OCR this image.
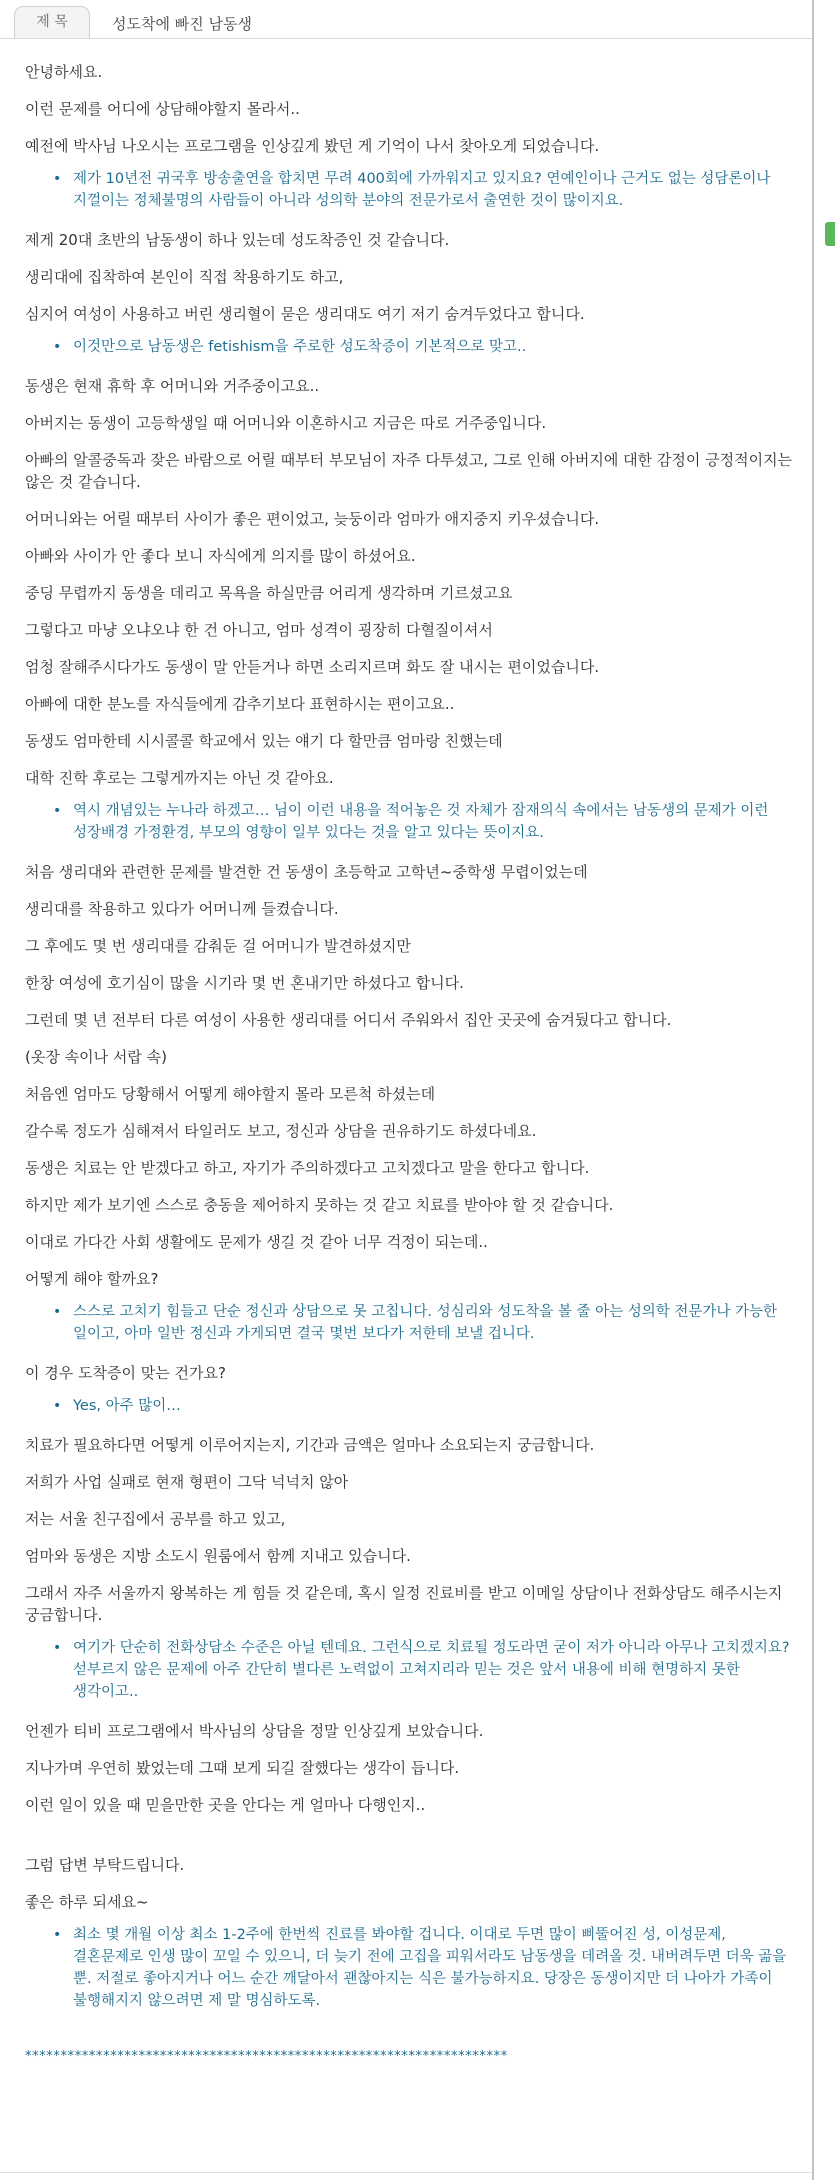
제 목	성도착에 빠진 남동생

안녕하세요.

이런 문제를 어디에 상담해야할지 몰라서..

예전에 박사님 나오시는 프로그램을 인상깊게 봤던 게 기억이 나서 찾아오게 되었습니다.

• 제가 10년전 귀국후 방송출연을 합치면 무려 400회에 가까워지고 있지요? 연예인이나 근거도 없는 성담론이나 지껄이는 정체불명의 사람들이 아니라 성의학 분야의 전문가로서 출연한 것이 많이지요.

제게 20대 초반의 남동생이 하나 있는데 성도착증인 것 같습니다.

생리대에 집착하여 본인이 직접 착용하기도 하고,

심지어 여성이 사용하고 버린 생리혈이 묻은 생리대도 여기 저기 숨겨두었다고 합니다.

• 이것만으로 남동생은 fetishism을 주로한 성도착증이 기본적으로 맞고..

동생은 현재 휴학 후 어머니와 거주중이고요..

아버지는 동생이 고등학생일 때 어머니와 이혼하시고 지금은 따로 거주중입니다.

아빠의 알콜중독과 잦은 바람으로 어릴 때부터 부모님이 자주 다투셨고, 그로 인해 아버지에 대한 감정이 긍정적이지는 않은 것 같습니다.

어머니와는 어릴 때부터 사이가 좋은 편이었고, 늦둥이라 엄마가 애지중지 키우셨습니다.

아빠와 사이가 안 좋다 보니 자식에게 의지를 많이 하셨어요.

중딩 무렵까지 동생을 데리고 목욕을 하실만큼 어리게 생각하며 기르셨고요

그렇다고 마냥 오냐오냐 한 건 아니고, 엄마 성격이 굉장히 다혈질이셔서

엄청 잘해주시다가도 동생이 말 안듣거나 하면 소리지르며 화도 잘 내시는 편이었습니다.

아빠에 대한 분노를 자식들에게 감추기보다 표현하시는 편이고요..

동생도 엄마한테 시시콜콜 학교에서 있는 얘기 다 할만큼 엄마랑 친했는데

대학 진학 후로는 그렇게까지는 아닌 것 같아요.

• 역시 개념있는 누나라 하겠고… 님이 이런 내용을 적어놓은 것 자체가 잠재의식 속에서는 남동생의 문제가 이런 성장배경 가정환경, 부모의 영향이 일부 있다는 것을 알고 있다는 뜻이지요.

처음 생리대와 관련한 문제를 발견한 건 동생이 초등학교 고학년~중학생 무렵이었는데

생리대를 착용하고 있다가 어머니께 들켰습니다.

그 후에도 몇 번 생리대를 감춰둔 걸 어머니가 발견하셨지만

한창 여성에 호기심이 많을 시기라 몇 번 혼내기만 하셨다고 합니다.

그런데 몇 년 전부터 다른 여성이 사용한 생리대를 어디서 주워와서 집안 곳곳에 숨겨뒀다고 합니다.

(옷장 속이나 서랍 속)

처음엔 엄마도 당황해서 어떻게 해야할지 몰라 모른척 하셨는데

갈수록 정도가 심해져서 타일러도 보고, 정신과 상담을 권유하기도 하셨다네요.

동생은 치료는 안 받겠다고 하고, 자기가 주의하겠다고 고치겠다고 말을 한다고 합니다.

하지만 제가 보기엔 스스로 충동을 제어하지 못하는 것 같고 치료를 받아야 할 것 같습니다.

이대로 가다간 사회 생활에도 문제가 생길 것 같아 너무 걱정이 되는데..

어떻게 해야 할까요?

• 스스로 고치기 힘들고 단순 정신과 상담으로 못 고칩니다. 성심리와 성도착을 볼 줄 아는 성의학 전문가나 가능한 일이고, 아마 일반 정신과 가게되면 결국 몇번 보다가 저한테 보낼 겁니다.

이 경우 도착증이 맞는 건가요?

• Yes, 아주 많이…

치료가 필요하다면 어떻게 이루어지는지, 기간과 금액은 얼마나 소요되는지 궁금합니다.

저희가 사업 실패로 현재 형편이 그닥 넉넉치 않아

저는 서울 친구집에서 공부를 하고 있고,

엄마와 동생은 지방 소도시 원룸에서 함께 지내고 있습니다.

그래서 자주 서울까지 왕복하는 게 힘들 것 같은데, 혹시 일정 진료비를 받고 이메일 상담이나 전화상담도 해주시는지 궁금합니다.

• 여기가 단순히 전화상담소 수준은 아닐 텐데요. 그런식으로 치료될 정도라면 굳이 저가 아니라 아무나 고치겠지요? 섣부르지 않은 문제에 아주 간단히 별다른 노력없이 고쳐지리라 믿는 것은 앞서 내용에 비해 현명하지 못한 생각이고..

언젠가 티비 프로그램에서 박사님의 상담을 정말 인상깊게 보았습니다.

지나가며 우연히 봤었는데 그때 보게 되길 잘했다는 생각이 듭니다.

이런 일이 있을 때 믿을만한 곳을 안다는 게 얼마나 다행인지..

그럼 답변 부탁드립니다.

좋은 하루 되세요~

• 최소 몇 개월 이상 최소 1-2주에 한번씩 진료를 봐야할 겁니다. 이대로 두면 많이 삐뚤어진 성, 이성문제, 결혼문제로 인생 많이 꼬일 수 있으니, 더 늦기 전에 고집을 피워서라도 남동생을 데려올 것. 내버려두면 더욱 곪을 뿐. 저절로 좋아지거나 어느 순간 깨달아서 괜찮아지는 식은 불가능하지요. 당장은 동생이지만 더 나아가 가족이 불행해지지 않으려면 제 말 명심하도록.
********************************************************************
